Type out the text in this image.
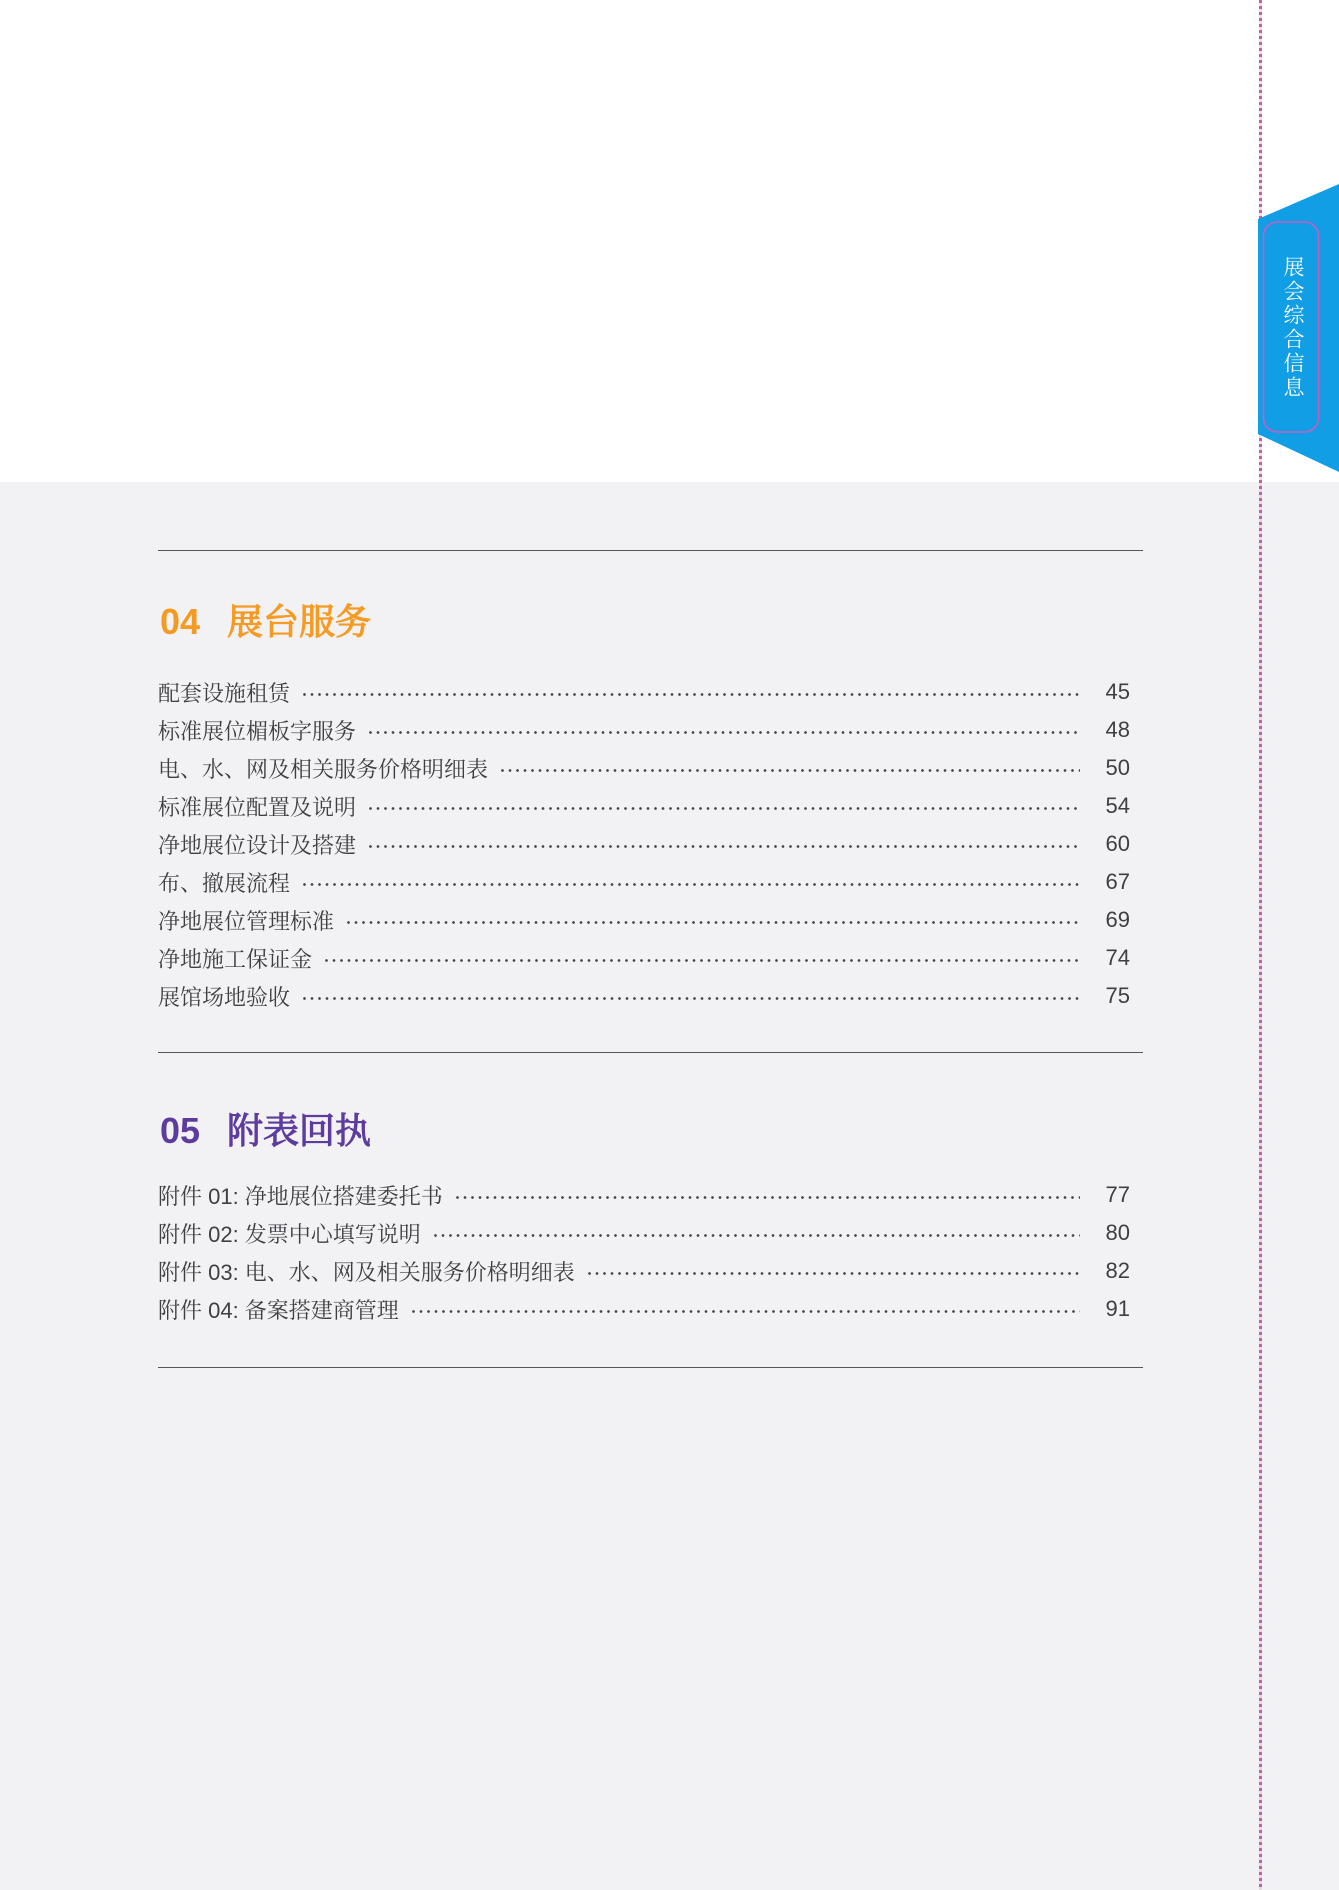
展会综合信息
04 展台服务
配套设施租赁	45
标准展位楣板字服务	48
电、水、网及相关服务价格明细表	50
标准展位配置及说明	54
净地展位设计及搭建	60
布、撤展流程	67
净地展位管理标准	69
净地施工保证金	74
展馆场地验收	75
05 附表回执
附件 01: 净地展位搭建委托书	77
附件 02: 发票中心填写说明	80
附件 03: 电、水、网及相关服务价格明细表	82
附件 04: 备案搭建商管理	91
